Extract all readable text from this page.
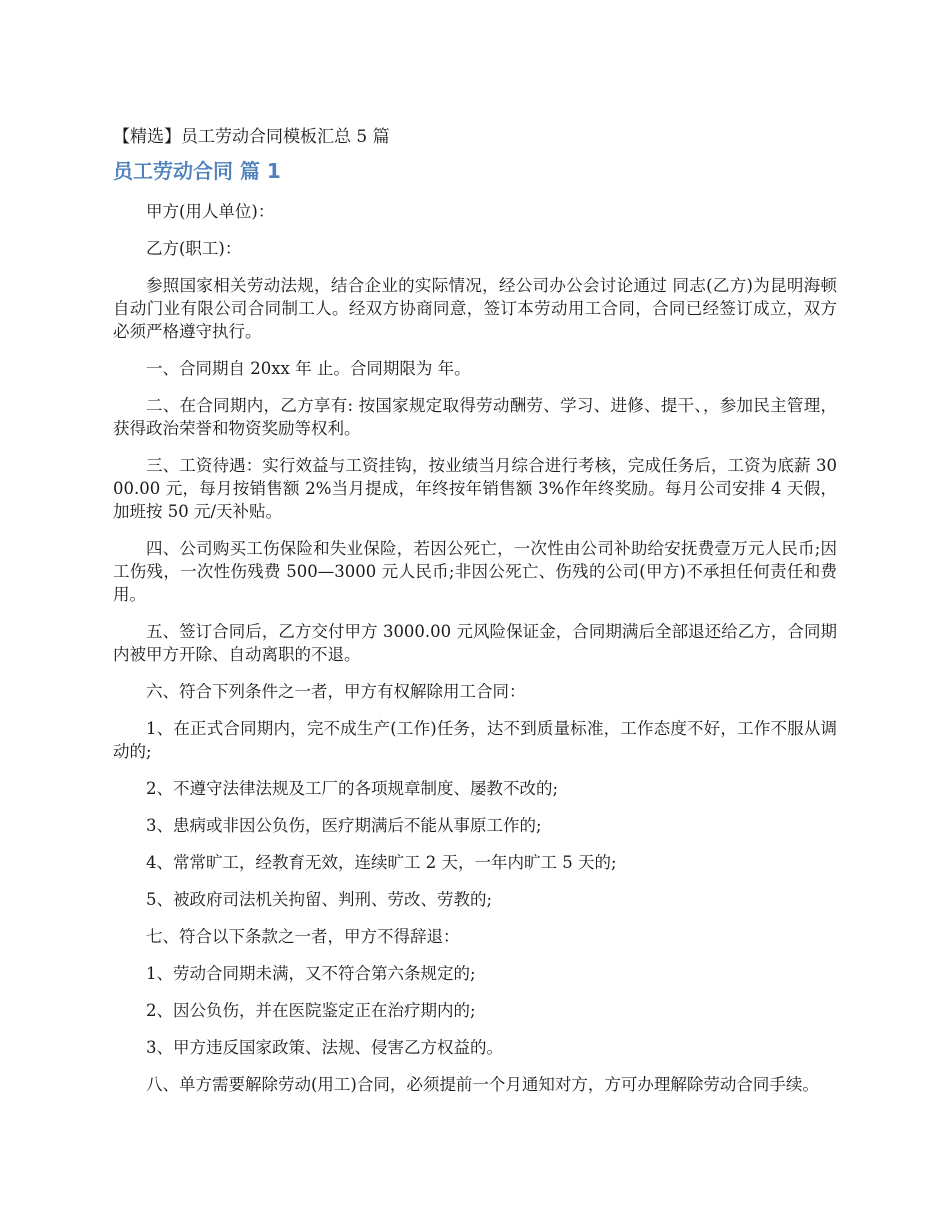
【精选】员工劳动合同模板汇总 5 篇
员工劳动合同 篇 1

甲方(用人单位)：

乙方(职工)：

参照国家相关劳动法规，结合企业的实际情况，经公司办公会讨论通过 同志(乙方)为昆明海顿自动门业有限公司合同制工人。经双方协商同意，签订本劳动用工合同，合同已经签订成立，双方必须严格遵守执行。

一、合同期自 20xx 年 止。合同期限为 年。

二、在合同期内，乙方享有: 按国家规定取得劳动酬劳、学习、进修、提干、，参加民主管理，获得政治荣誉和物资奖励等权利。

三、工资待遇：实行效益与工资挂钩，按业绩当月综合进行考核，完成任务后，工资为底薪 3000.00 元，每月按销售额 2%当月提成，年终按年销售额 3%作年终奖励。每月公司安排 4 天假，加班按 50 元/天补贴。

四、公司购买工伤保险和失业保险，若因公死亡，一次性由公司补助给安抚费壹万元人民币;因工伤残，一次性伤残费 500—3000 元人民币;非因公死亡、伤残的公司(甲方)不承担任何责任和费用。

五、签订合同后，乙方交付甲方 3000.00 元风险保证金，合同期满后全部退还给乙方，合同期内被甲方开除、自动离职的不退。

六、符合下列条件之一者，甲方有权解除用工合同：

1、在正式合同期内，完不成生产(工作)任务，达不到质量标准，工作态度不好，工作不服从调动的;

2、不遵守法律法规及工厂的各项规章制度、屡教不改的;

3、患病或非因公负伤，医疗期满后不能从事原工作的;

4、常常旷工，经教育无效，连续旷工 2 天，一年内旷工 5 天的;

5、被政府司法机关拘留、判刑、劳改、劳教的;

七、符合以下条款之一者，甲方不得辞退：

1、劳动合同期未满，又不符合第六条规定的;

2、因公负伤，并在医院鉴定正在治疗期内的;

3、甲方违反国家政策、法规、侵害乙方权益的。

八、单方需要解除劳动(用工)合同，必须提前一个月通知对方，方可办理解除劳动合同手续。
